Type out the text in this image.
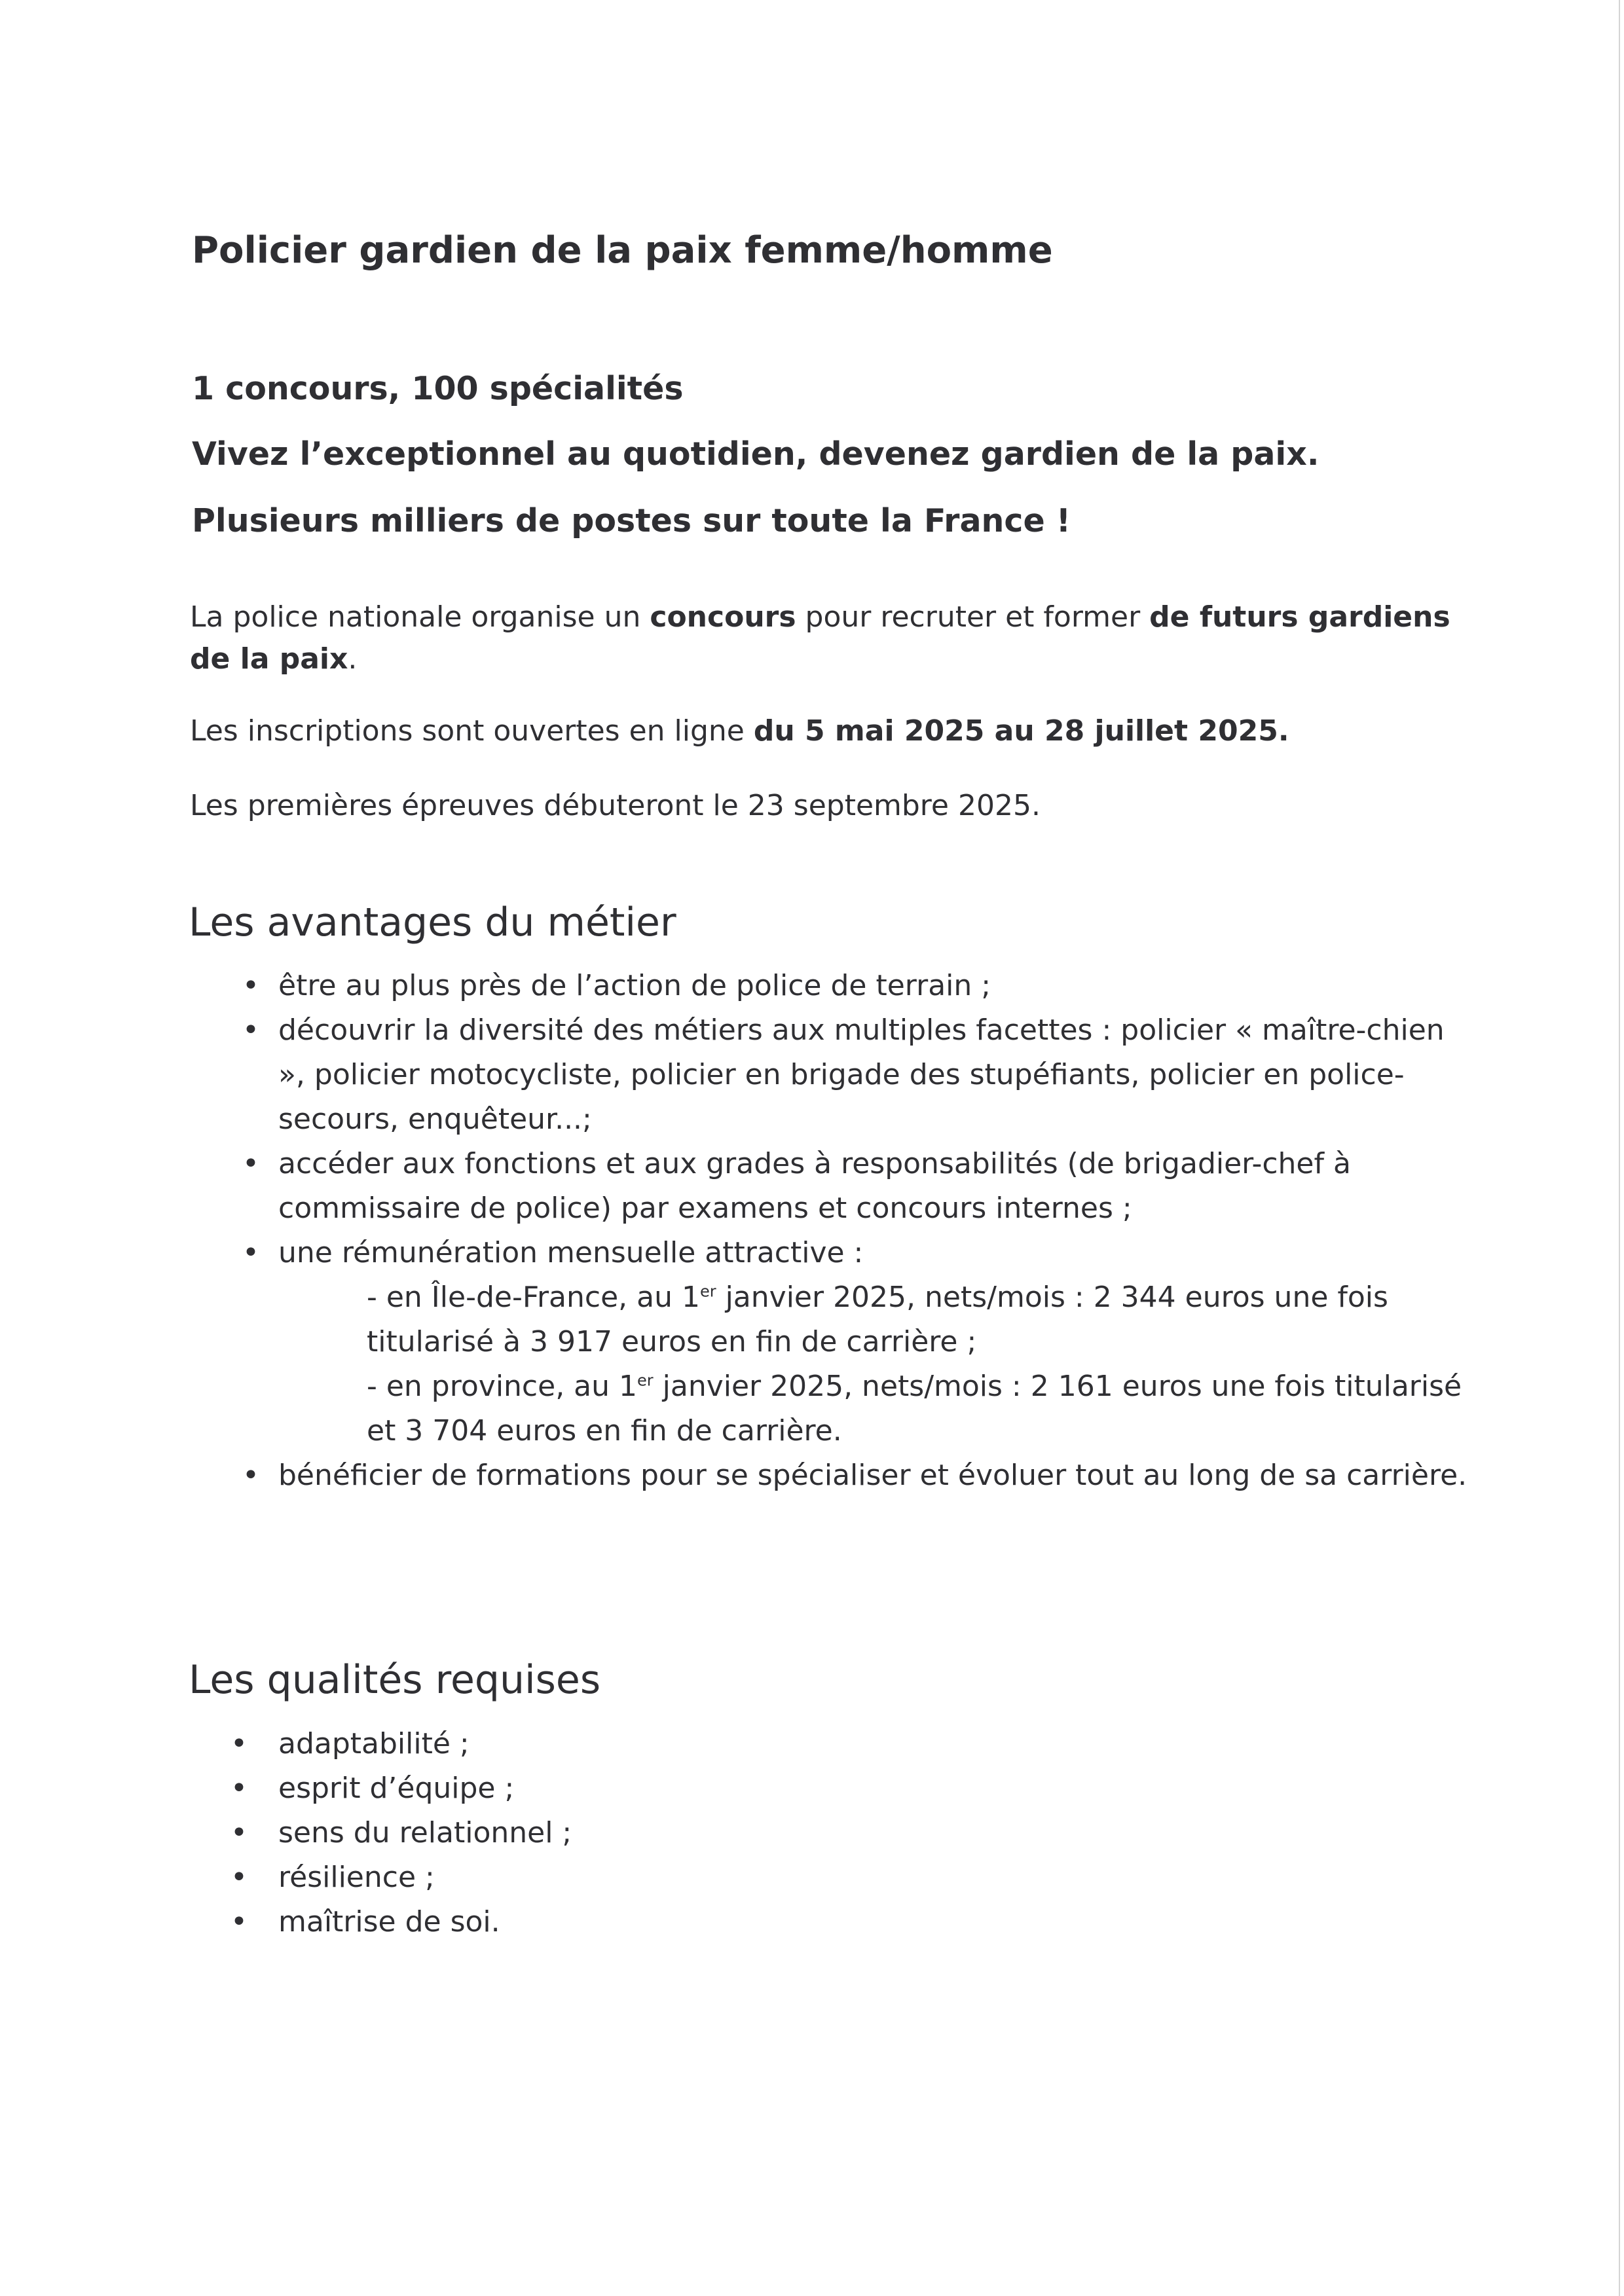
Policier gardien de la paix femme/homme

1 concours, 100 spécialités

Vivez l’exceptionnel au quotidien, devenez gardien de la paix.

Plusieurs milliers de postes sur toute la France !

La police nationale organise un concours pour recruter et former de futurs gardiens de la paix.

Les inscriptions sont ouvertes en ligne du 5 mai 2025 au 28 juillet 2025.

Les premières épreuves débuteront le 23 septembre 2025.

Les avantages du métier
• être au plus près de l’action de police de terrain ;
• découvrir la diversité des métiers aux multiples facettes : policier « maître-chien », policier motocycliste, policier en brigade des stupéfiants, policier en police-secours, enquêteur...;
• accéder aux fonctions et aux grades à responsabilités (de brigadier-chef à commissaire de police) par examens et concours internes ;
• une rémunération mensuelle attractive :
- en Île-de-France, au 1er janvier 2025, nets/mois : 2 344 euros une fois titularisé à 3 917 euros en fin de carrière ;
- en province, au 1er janvier 2025, nets/mois : 2 161 euros une fois titularisé et 3 704 euros en fin de carrière.
• bénéficier de formations pour se spécialiser et évoluer tout au long de sa carrière.
Les qualités requises
• adaptabilité ;
• esprit d’équipe ;
• sens du relationnel ;
• résilience ;
• maîtrise de soi.
